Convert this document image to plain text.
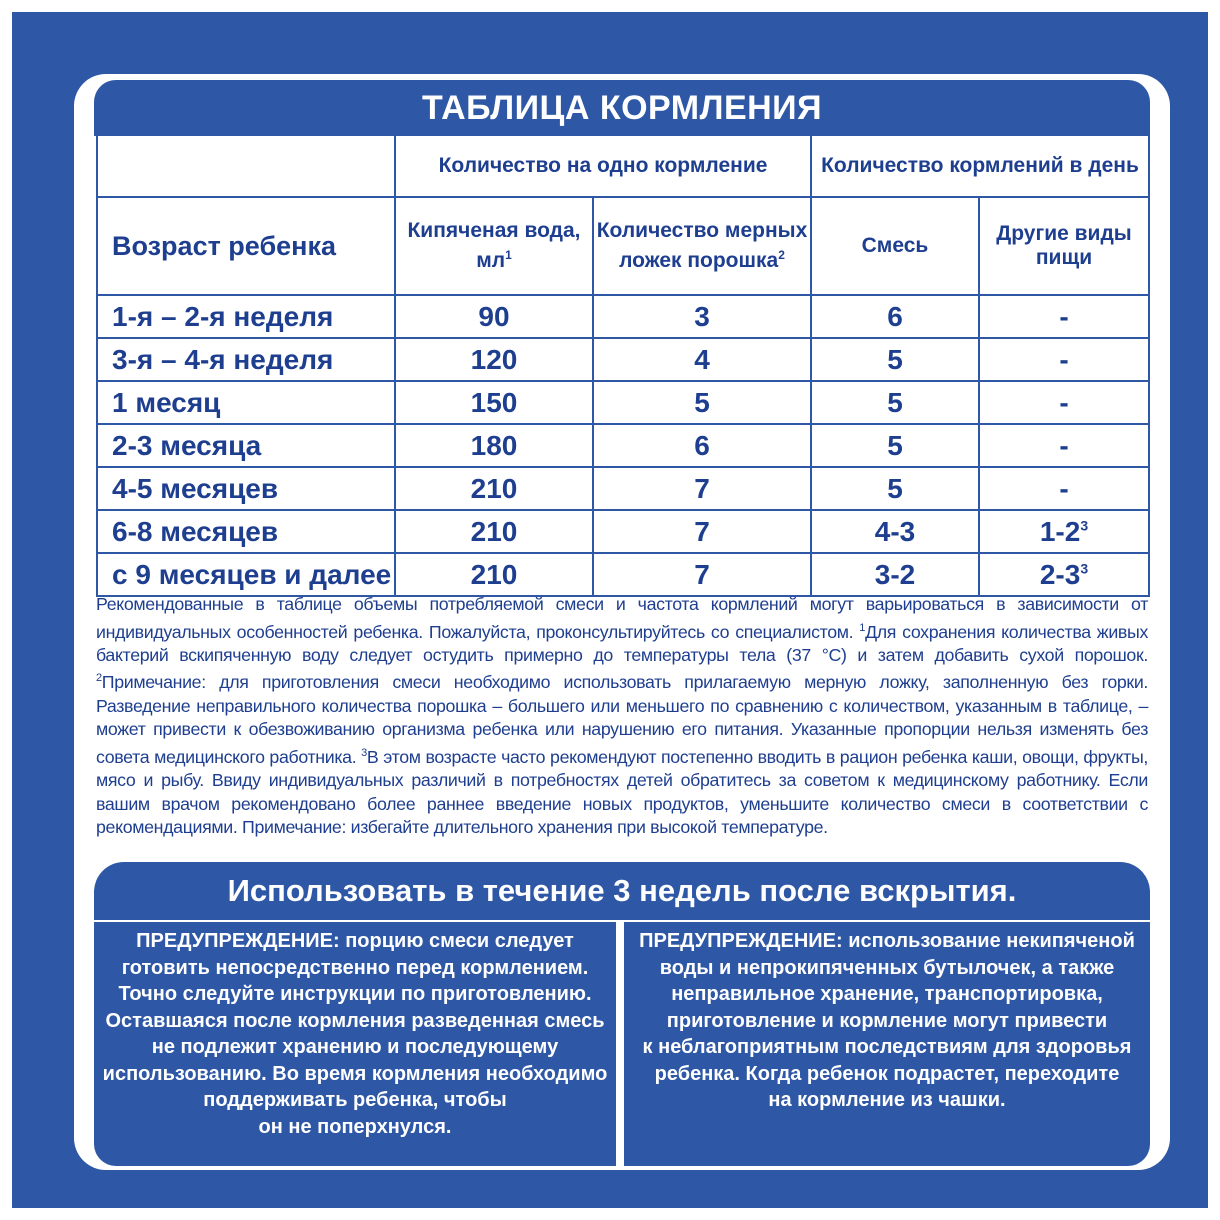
ТАБЛИЦА КОРМЛЕНИЯ
	Количество на одно кормление		Количество кормлений в день	
Возраст ребенка	Кипяченая вода, $мл^1$	Количество мерных ложек порошка$^2$	Смесь	Другие виды пищи
1-я – 2-я неделя	90	3	6	-
3-я – 4-я неделя	120	4	5	-
1 месяц	150	5	5	-
2-3 месяца	180	6	5	-
4-5 месяцев	210	7	5	-
6-8 месяцев	210	7	4-3	$1-2^3$
с 9 месяцев и далее	210	7	3-2	$2-3^3$
Рекомендованные в таблице объемы потребляемой смеси и частота кормлений могут варьироваться в зависимости от индивидуальных особенностей ребенка. Пожалуйста, проконсультируйтесь со специалистом. $^1$Для сохранения количества живых бактерий вскипяченную воду следует остудить примерно до температуры тела (37 °C) и затем добавить сухой порошок. $^2$Примечание: для приготовления смеси необходимо использовать прилагаемую мерную ложку, заполненную без горки. Разведение неправильного количества порошка – большего или меньшего по сравнению с количеством, указанным в таблице, – может привести к обезвоживанию организма ребенка или нарушению его питания. Указанные пропорции нельзя изменять без совета медицинского работника. $^3$В этом возрасте часто рекомендуют постепенно вводить в рацион ребенка каши, овощи, фрукты, мясо и рыбу. Ввиду индивидуальных различий в потребностях детей обратитесь за советом к медицинскому работнику. Если вашим врачом рекомендовано более раннее введение новых продуктов, уменьшите количество смеси в соответствии с рекомендациями. Примечание: избегайте длительного хранения при высокой температуре.
Использовать в течение 3 недель после вскрытия.
ПРЕДУПРЕЖДЕНИЕ: порцию смеси следует
готовить непосредственно перед кормлением.
Точно следуйте инструкции по приготовлению.
Оставшаяся после кормления разведенная смесь
не подлежит хранению и последующему
использованию. Во время кормления необходимо
поддерживать ребенка, чтобы
он не поперхнулся.
ПРЕДУПРЕЖДЕНИЕ: использование некипяченой
воды и непрокипяченных бутылочек, а также
неправильное хранение, транспортировка,
приготовление и кормление могут привести
к неблагоприятным последствиям для здоровья
ребенка. Когда ребенок подрастет, переходите
на кормление из чашки.
